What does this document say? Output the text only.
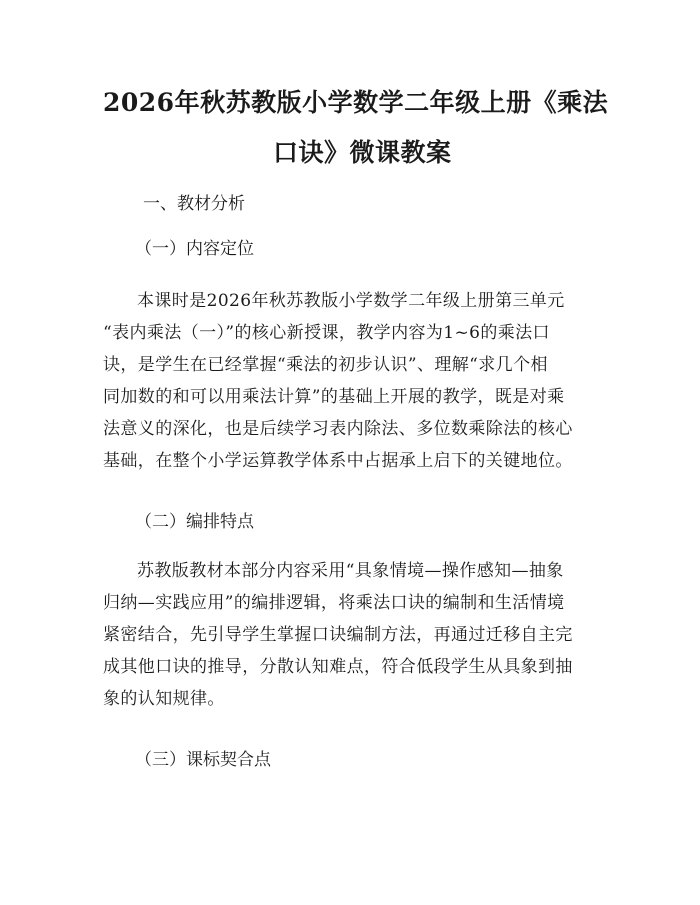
2026年秋苏教版小学数学二年级上册《乘法
口诀》微课教案
一、教材分析
（一）内容定位
本课时是2026年秋苏教版小学数学二年级上册第三单元
“表内乘法（一）”的核心新授课，教学内容为1~6的乘法口
诀，是学生在已经掌握“乘法的初步认识”、理解“求几个相
同加数的和可以用乘法计算”的基础上开展的教学，既是对乘
法意义的深化，也是后续学习表内除法、多位数乘除法的核心
基础，在整个小学运算教学体系中占据承上启下的关键地位。
（二）编排特点
苏教版教材本部分内容采用“具象情境—操作感知—抽象
归纳—实践应用”的编排逻辑，将乘法口诀的编制和生活情境
紧密结合，先引导学生掌握口诀编制方法，再通过迁移自主完
成其他口诀的推导，分散认知难点，符合低段学生从具象到抽
象的认知规律。
（三）课标契合点
